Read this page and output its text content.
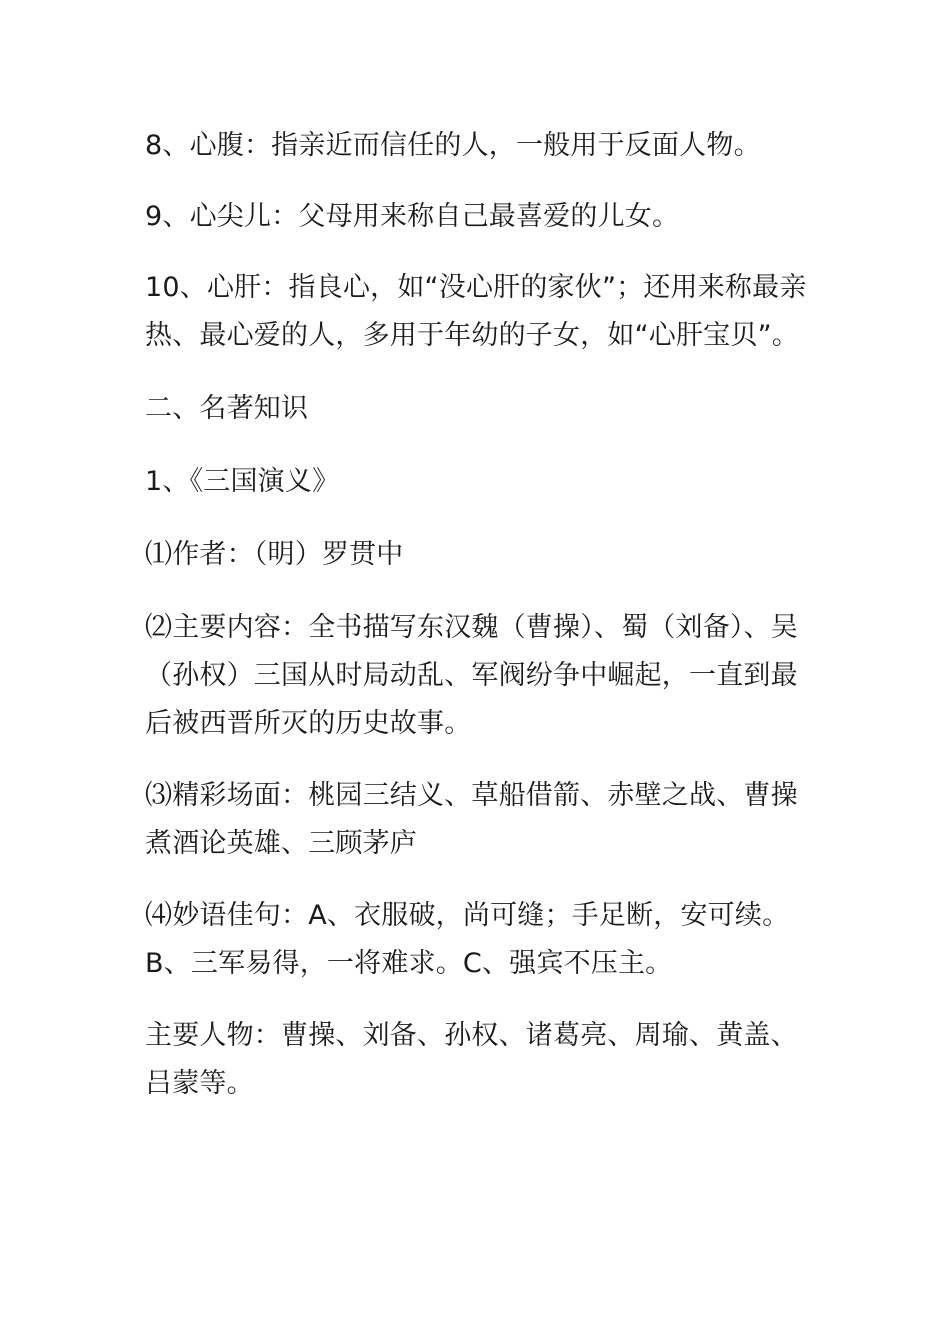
8、心腹：指亲近而信任的人，一般用于反面人物。

9、心尖儿：父母用来称自己最喜爱的儿女。

10、心肝：指良心，如“没心肝的家伙”；还用来称最亲热、最心爱的人，多用于年幼的子女，如“心肝宝贝”。

二、名著知识

1、《三国演义》

⑴作者：（明）罗贯中

⑵主要内容：全书描写东汉魏（曹操）、蜀（刘备）、吴（孙权）三国从时局动乱、军阀纷争中崛起，一直到最后被西晋所灭的历史故事。

⑶精彩场面：桃园三结义、草船借箭、赤壁之战、曹操煮酒论英雄、三顾茅庐

⑷妙语佳句：A、衣服破，尚可缝；手足断，安可续。B、三军易得，一将难求。C、强宾不压主。

主要人物：曹操、刘备、孙权、诸葛亮、周瑜、黄盖、吕蒙等。
